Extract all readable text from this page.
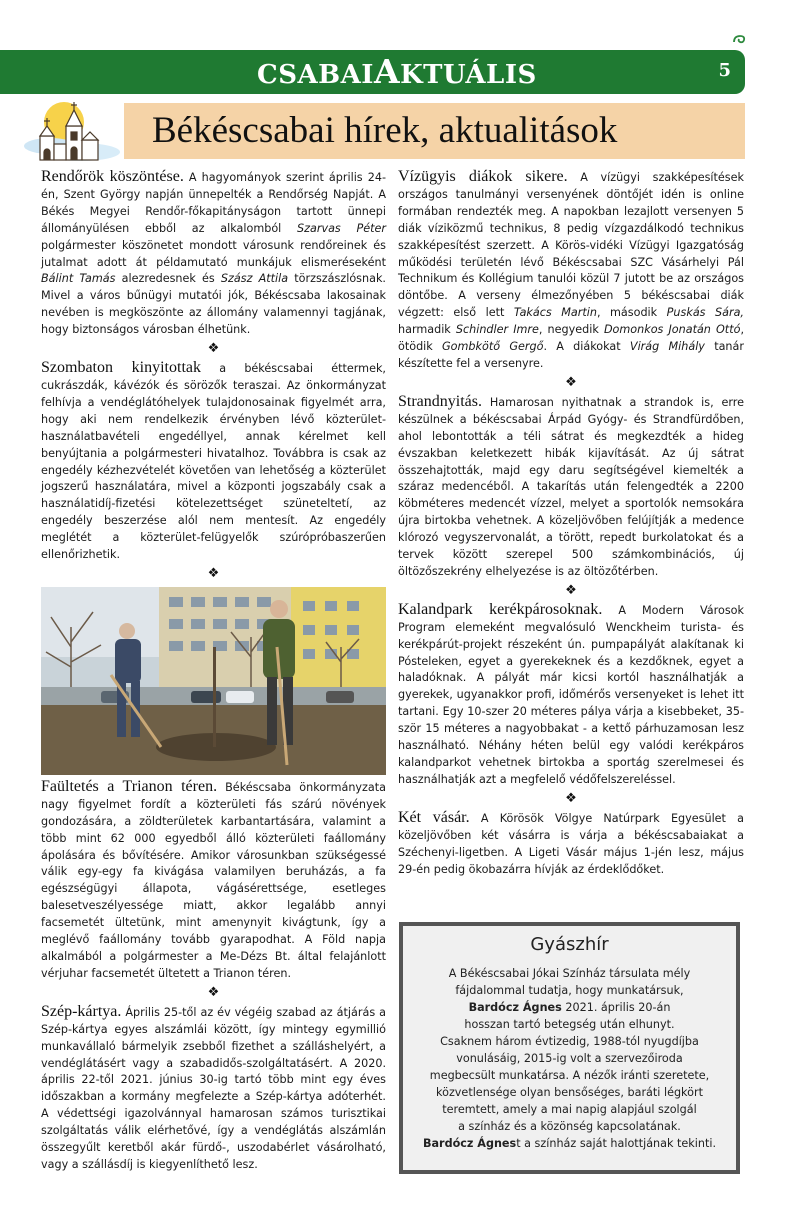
CSABAIAKTUÁLIS	5
Békéscsabai hírek, aktualitások

Rendőrök köszöntése. A hagyományok szerint április 24-én, Szent György napján ünnepelték a Rendőrség Napját. A Békés Megyei Rendőr-főkapitányságon tartott ünnepi állományülésen ebből az alkalomból Szarvas Péter polgármester köszönetet mondott városunk rendőreinek és jutalmat adott át példamutató munkájuk elismeréseként Bálint Tamás alezredesnek és Szász Attila törzszászlósnak. Mivel a város bűnügyi mutatói jók, Békéscsaba lakosainak nevében is megköszönte az állomány valamennyi tagjának, hogy biztonságos városban élhetünk.

❖

Szombaton kinyitottak a békéscsabai éttermek, cukrászdák, kávézók és sörözők teraszai. Az önkormányzat felhívja a vendéglátóhelyek tulajdonosainak figyelmét arra, hogy aki nem rendelkezik érvényben lévő közterület-használatbavételi engedéllyel, annak kérelmet kell benyújtania a polgármesteri hivatalhoz. Továbbra is csak az engedély kézhezvételét követően van lehetőség a közterület jogszerű használatára, mivel a központi jogszabály csak a használatidíj-fizetési kötelezettséget szüneteltetí, az engedély beszerzése alól nem mentesít. Az engedély meglétét a közterület-felügyelők szúrópróbaszerűen ellenőrizhetik.

❖

Faültetés a Trianon téren. Békéscsaba önkormányzata nagy figyelmet fordít a közterületi fás szárú növények gondozására, a zöldterületek karbantartására, valamint a több mint 62 000 egyedből álló közterületi faállomány ápolására és bővítésére. Amikor városunkban szükségessé válik egy-egy fa kivágása valamilyen beruházás, a fa egészségügyi állapota, vágásérettsége, esetleges balesetveszélyessége miatt, akkor legalább annyi facsemetét ültetünk, mint amenynyit kivágtunk, így a meglévő faállomány tovább gyarapodhat. A Föld napja alkalmából a polgármester a Me-Dézs Bt. által felajánlott vérjuhar facsemetét ültetett a Trianon téren.

❖

Szép-kártya. Április 25-től az év végéig szabad az átjárás a Szép-kártya egyes alszámlái között, így mintegy egymillió munkavállaló bármelyik zsebből fizethet a szálláshelyért, a vendéglátásért vagy a szabadidős-szolgáltatásért. A 2020. április 22-től 2021. június 30-ig tartó több mint egy éves időszakban a kormány megfelezte a Szép-kártya adóterhét. A védettségi igazolvánnyal hamarosan számos turisztikai szolgáltatás válik elérhetővé, így a vendéglátás alszámlán összegyűlt keretből akár fürdő-, uszodabérlet vásárolható, vagy a szállásdíj is kiegyenlíthető lesz.

Vízügyis diákok sikere. A vízügyi szakképesítések országos tanulmányi versenyének döntőjét idén is online formában rendezték meg. A napokban lezajlott versenyen 5 diák víziközmű technikus, 8 pedig vízgazdálkodó technikus szakképesítést szerzett. A Körös-vidéki Vízügyi Igazgatóság működési területén lévő Békéscsabai SZC Vásárhelyi Pál Technikum és Kollégium tanulói közül 7 jutott be az országos döntőbe. A verseny élmezőnyében 5 békéscsabai diák végzett: első lett Takács Martin, második Puskás Sára, harmadik Schindler Imre, negyedik Domonkos Jonatán Ottó, ötödik Gombkötő Gergő. A diákokat Virág Mihály tanár készítette fel a versenyre.

❖

Strandnyitás. Hamarosan nyithatnak a strandok is, erre készülnek a békéscsabai Árpád Gyógy- és Strandfürdőben, ahol lebontották a téli sátrat és megkezdték a hideg évszakban keletkezett hibák kijavítását. Az új sátrat összehajtották, majd egy daru segítségével kiemelték a száraz medencéből. A takarítás után felengedték a 2200 köbméteres medencét vízzel, melyet a sportolók nemsokára újra birtokba vehetnek. A közeljövőben felújítják a medence klórozó vegyszervonalát, a törött, repedt burkolatokat és a tervek között szerepel 500 számkombinációs, új öltözőszekrény elhelyezése is az öltözőtérben.

❖

Kalandpark kerékpárosoknak. A Modern Városok Program elemeként megvalósuló Wenckheim turista- és kerékpárút-projekt részeként ún. pumpapályát alakítanak ki Pósteleken, egyet a gyerekeknek és a kezdőknek, egyet a haladóknak. A pályát már kicsi kortól használhatják a gyerekek, ugyanakkor profi, időmérős versenyeket is lehet itt tartani. Egy 10-szer 20 méteres pálya várja a kisebbeket, 35-ször 15 méteres a nagyobbakat - a kettő párhuzamosan lesz használható. Néhány héten belül egy valódi kerékpáros kalandparkot vehetnek birtokba a sportág szerelmesei és használhatják azt a megfelelő védőfelszereléssel.

❖

Két vásár. A Körösök Völgye Natúrpark Egyesület a közeljövőben két vásárra is várja a békéscsabaiakat a Széchenyi-ligetben. A Ligeti Vásár május 1-jén lesz, május 29-én pedig ökobazárra hívják az érdeklődőket.

Gyászhír
A Békéscsabai Jókai Színház társulata mély
fájdalommal tudatja, hogy munkatársuk,
Bardócz Ágnes 2021. április 20-án
hosszan tartó betegség után elhunyt.
Csaknem három évtizedig, 1988-tól nyugdíjba
vonulásáig, 2015-ig volt a szervezőiroda
megbecsült munkatársa. A nézők iránti szeretete,
közvetlensége olyan bensőséges, baráti légkört
teremtett, amely a mai napig alapjául szolgál
a színház és a közönség kapcsolatának.
Bardócz Ágnest a színház saját halottjának tekinti.
